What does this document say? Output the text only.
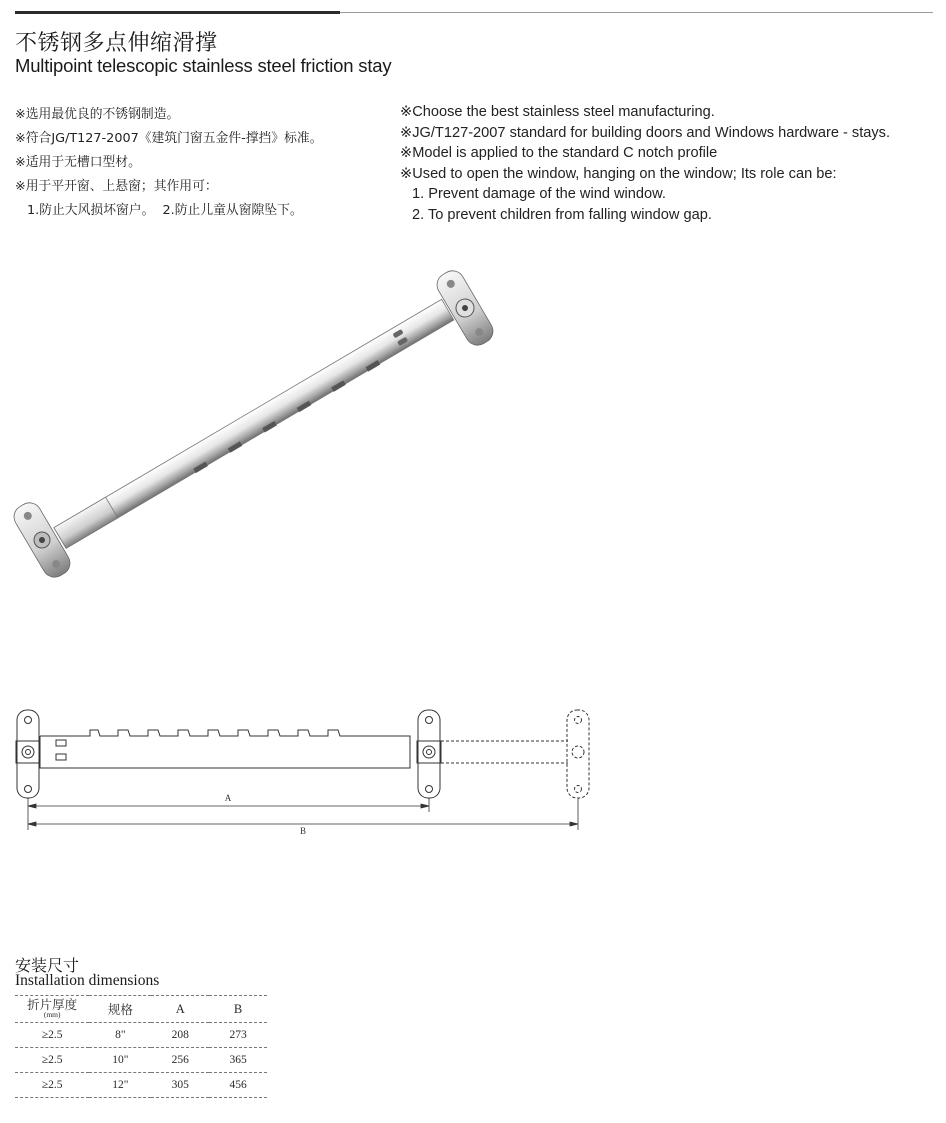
不锈钢多点伸缩滑撑
Multipoint telescopic stainless steel friction stay
※选用最优良的不锈钢制造。
※符合JG/T127-2007《建筑门窗五金件-撑挡》标准。
※适用于无槽口型材。
※用于平开窗、上悬窗；其作用可：
1.防止大风损坏窗户。  2.防止儿童从窗隙坠下。
※Choose the best stainless steel manufacturing.
※JG/T127-2007 standard for building doors and Windows hardware - stays.
※Model is applied to the standard C notch profile
※Used to open the window, hanging on the window; Its role can be:
1. Prevent damage of the wind window.
2. To prevent children from falling window gap.
A
B
安装尺寸
Installation dimensions
折片厚度
(mm)	规格	A	B
≥2.5	8"	208	273
≥2.5	10"	256	365
≥2.5	12"	305	456
